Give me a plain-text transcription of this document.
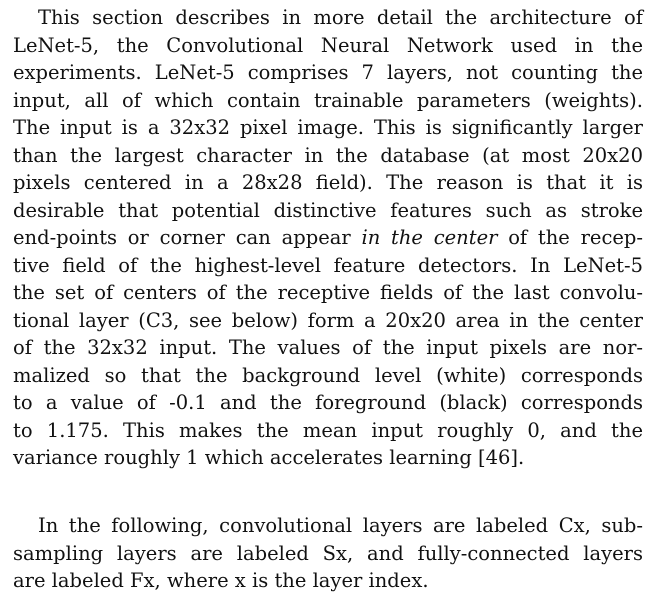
This section describes in more detail the architecture of
LeNet-5, the Convolutional Neural Network used in the
experiments. LeNet-5 comprises 7 layers, not counting the
input, all of which contain trainable parameters (weights).
The input is a 32x32 pixel image. This is significantly larger
than the largest character in the database (at most 20x20
pixels centered in a 28x28 field). The reason is that it is
desirable that potential distinctive features such as stroke
end-points or corner can appear in the center of the recep-
tive field of the highest-level feature detectors. In LeNet-5
the set of centers of the receptive fields of the last convolu-
tional layer (C3, see below) form a 20x20 area in the center
of the 32x32 input. The values of the input pixels are nor-
malized so that the background level (white) corresponds
to a value of -0.1 and the foreground (black) corresponds
to 1.175. This makes the mean input roughly 0, and the
variance roughly 1 which accelerates learning [46].
In the following, convolutional layers are labeled Cx, sub-
sampling layers are labeled Sx, and fully-connected layers
are labeled Fx, where x is the layer index.
